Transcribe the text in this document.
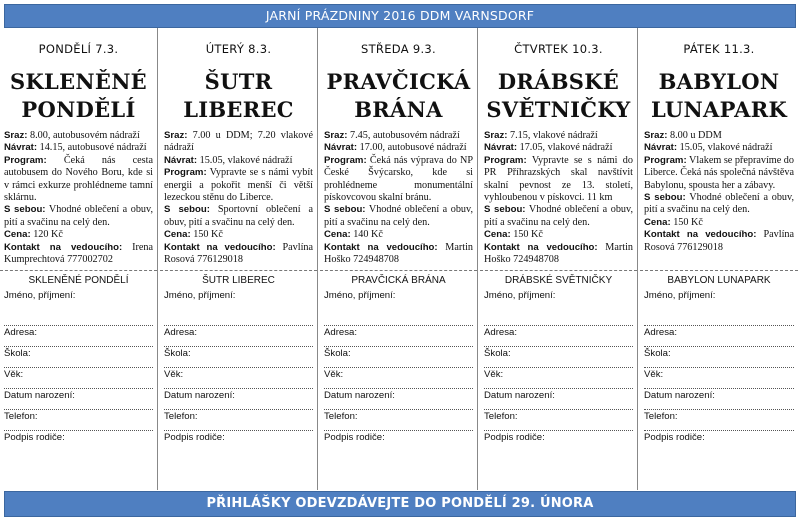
JARNÍ PRÁZDNINY 2016 DDM VARNSDORF
PONDĚLÍ 7.3.
SKLENĚNÉ
PONDĚLÍ
Sraz: 8.00, autobusovém nádraží
Návrat: 14.15, autobusové nádraží
Program: Čeká nás cesta autobusem do Nového Boru, kde si v rámci exkurze prohlédneme tamní sklárnu.
S sebou: Vhodné oblečení a obuv, pití a svačinu na celý den.
Cena: 120 Kč
Kontakt na vedoucího: Irena Kumprechtová 777002702
SKLENĚNÉ PONDĚLÍ
Jméno, příjmení:
Adresa:
Škola:
Věk:
Datum narození:
Telefon:
Podpis rodiče:
ÚTERÝ 8.3.
ŠUTR
LIBEREC
Sraz: 7.00 u DDM; 7.20 vlakové nádraží
Návrat: 15.05, vlakové nádraží
Program: Vypravte se s námi vybít energii a pokořit menší či větší lezeckou stěnu do Liberce.
S sebou: Sportovní oblečení a obuv, pití a svačinu na celý den.
Cena: 150 Kč
Kontakt na vedoucího: Pavlína Rosová 776129018
ŠUTR LIBEREC
Jméno, příjmení:
Adresa:
Škola:
Věk:
Datum narození:
Telefon:
Podpis rodiče:
STŘEDA 9.3.
PRAVČICKÁ
BRÁNA
Sraz: 7.45, autobusovém nádraží
Návrat: 17.00, autobusové nádraží
Program: Čeká nás výprava do NP České Švýcarsko, kde si prohlédneme monumentální pískovcovou skalní bránu.
S sebou: Vhodné oblečení a obuv, pití a svačinu na celý den.
Cena: 140 Kč
Kontakt na vedoucího: Martin Hoško 724948708
PRAVČICKÁ BRÁNA
Jméno, příjmení:
Adresa:
Škola:
Věk:
Datum narození:
Telefon:
Podpis rodiče:
ČTVRTEK 10.3.
DRÁBSKÉ
SVĚTNIČKY
Sraz: 7.15, vlakové nádraží
Návrat: 17.05, vlakové nádraží
Program: Vypravte se s námi do PR Příhrazských skal navštívit skalní pevnost ze 13. století, vyhloubenou v pískovci. 11 km
S sebou: Vhodné oblečení a obuv, pití a svačinu na celý den.
Cena: 150 Kč
Kontakt na vedoucího: Martin Hoško 724948708
DRÁBSKÉ SVĚTNIČKY
Jméno, příjmení:
Adresa:
Škola:
Věk:
Datum narození:
Telefon:
Podpis rodiče:
PÁTEK 11.3.
BABYLON
LUNAPARK
Sraz: 8.00 u DDM
Návrat: 15.05, vlakové nádraží
Program: Vlakem se přepravíme do Liberce. Čeká nás společná návštěva Babylonu, spousta her a zábavy.
S sebou: Vhodné oblečení a obuv, pití a svačinu na celý den.
Cena: 150 Kč
Kontakt na vedoucího: Pavlína Rosová 776129018
BABYLON LUNAPARK
Jméno, příjmení:
Adresa:
Škola:
Věk:
Datum narození:
Telefon:
Podpis rodiče:
PŘIHLÁŠKY ODEVZDÁVEJTE DO PONDĚLÍ 29. ÚNORA
